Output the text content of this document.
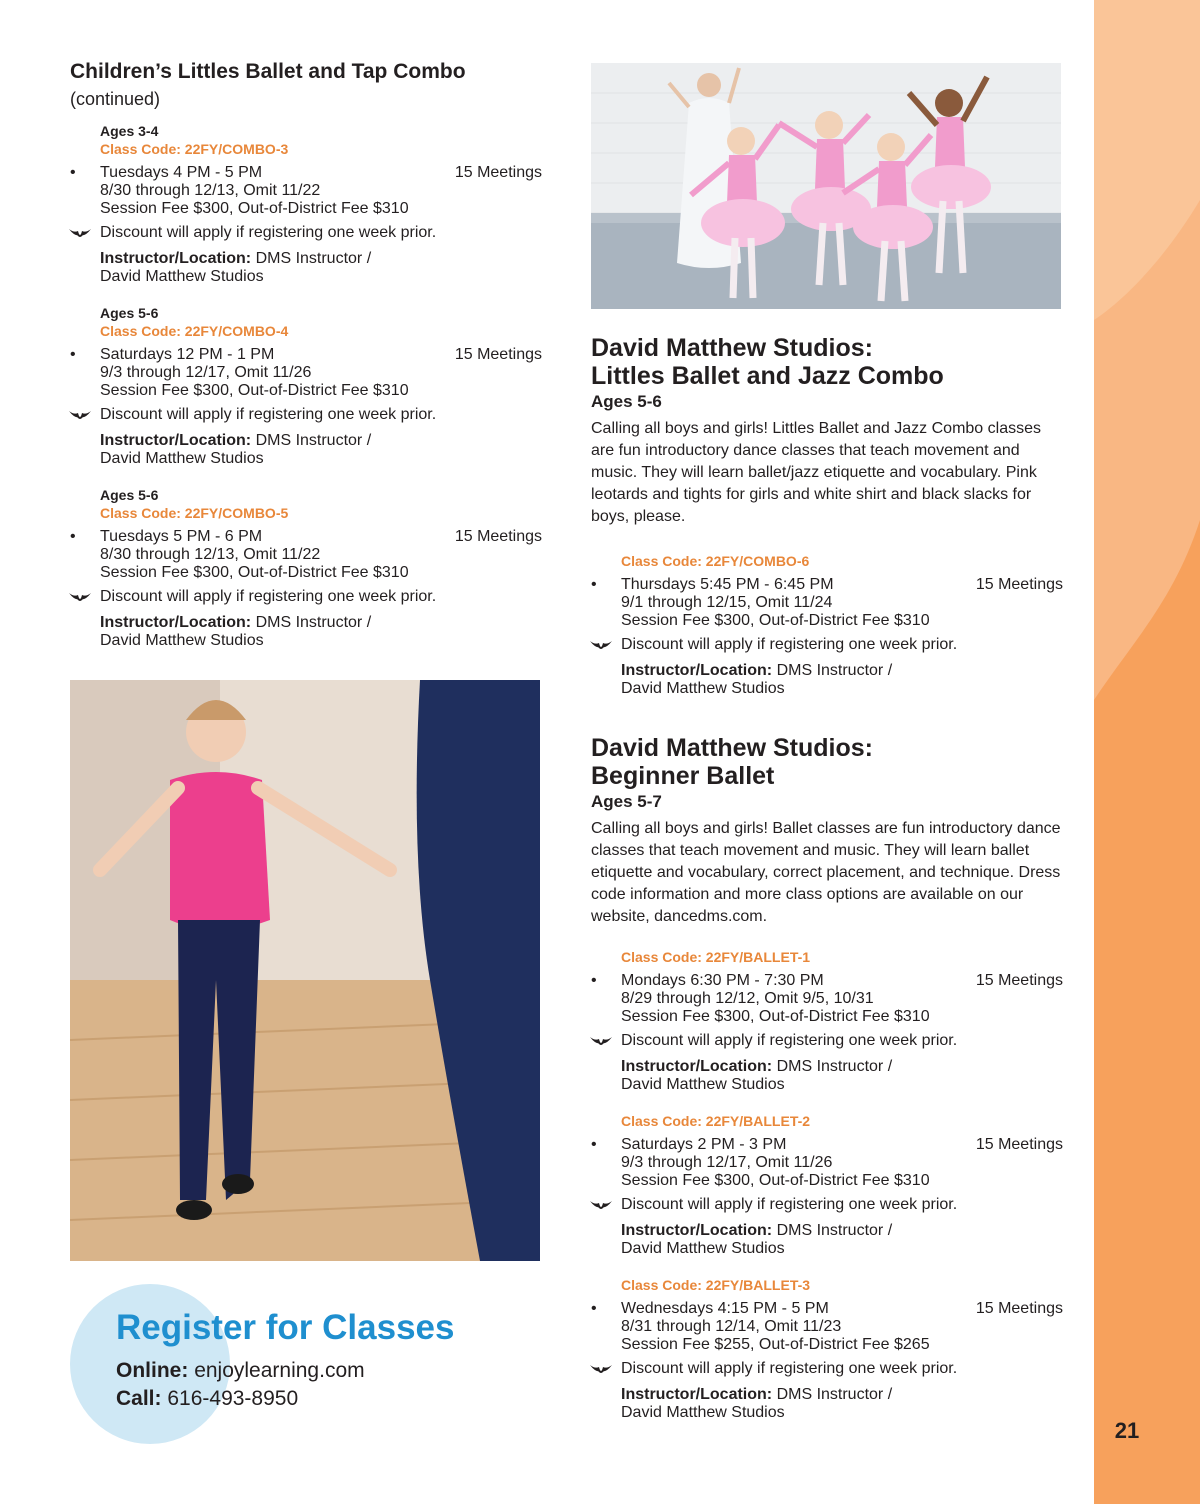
21
Children’s Littles Ballet and Tap Combo
(continued)
Ages 3-4
Class Code: 22FY/COMBO-3
• Tuesdays 4 PM - 5 PM	15 Meetings
8/30 through 12/13, Omit 11/22
Session Fee $300, Out-of-District Fee $310
Discount will apply if registering one week prior.
Instructor/Location: DMS Instructor /
David Matthew Studios
Ages 5-6
Class Code: 22FY/COMBO-4
• Saturdays 12 PM - 1 PM	15 Meetings
9/3 through 12/17, Omit 11/26
Session Fee $300, Out-of-District Fee $310
Discount will apply if registering one week prior.
Instructor/Location: DMS Instructor /
David Matthew Studios
Ages 5-6
Class Code: 22FY/COMBO-5
• Tuesdays 5 PM - 6 PM	15 Meetings
8/30 through 12/13, Omit 11/22
Session Fee $300, Out-of-District Fee $310
Discount will apply if registering one week prior.
Instructor/Location: DMS Instructor /
David Matthew Studios
Register for Classes
Online: enjoylearning.com
Call: 616-493-8950
David Matthew Studios:
Littles Ballet and Jazz Combo
Ages 5-6
Calling all boys and girls! Littles Ballet and Jazz Combo classes are fun introductory dance classes that teach movement and music. They will learn ballet/jazz etiquette and vocabulary. Pink leotards and tights for girls and white shirt and black slacks for boys, please.
Class Code: 22FY/COMBO-6
• Thursdays 5:45 PM - 6:45 PM	15 Meetings
9/1 through 12/15, Omit 11/24
Session Fee $300, Out-of-District Fee $310
Discount will apply if registering one week prior.
Instructor/Location: DMS Instructor /
David Matthew Studios
David Matthew Studios:
Beginner Ballet
Ages 5-7
Calling all boys and girls! Ballet classes are fun introductory dance classes that teach movement and music. They will learn ballet etiquette and vocabulary, correct placement, and technique. Dress code information and more class options are available on our website, dancedms.com.
Class Code: 22FY/BALLET-1
• Mondays 6:30 PM - 7:30 PM	15 Meetings
8/29 through 12/12, Omit 9/5, 10/31
Session Fee $300, Out-of-District Fee $310
Discount will apply if registering one week prior.
Instructor/Location: DMS Instructor /
David Matthew Studios
Class Code: 22FY/BALLET-2
• Saturdays 2 PM - 3 PM	15 Meetings
9/3 through 12/17, Omit 11/26
Session Fee $300, Out-of-District Fee $310
Discount will apply if registering one week prior.
Instructor/Location: DMS Instructor /
David Matthew Studios
Class Code: 22FY/BALLET-3
• Wednesdays 4:15 PM - 5 PM	15 Meetings
8/31 through 12/14, Omit 11/23
Session Fee $255, Out-of-District Fee $265
Discount will apply if registering one week prior.
Instructor/Location: DMS Instructor /
David Matthew Studios
